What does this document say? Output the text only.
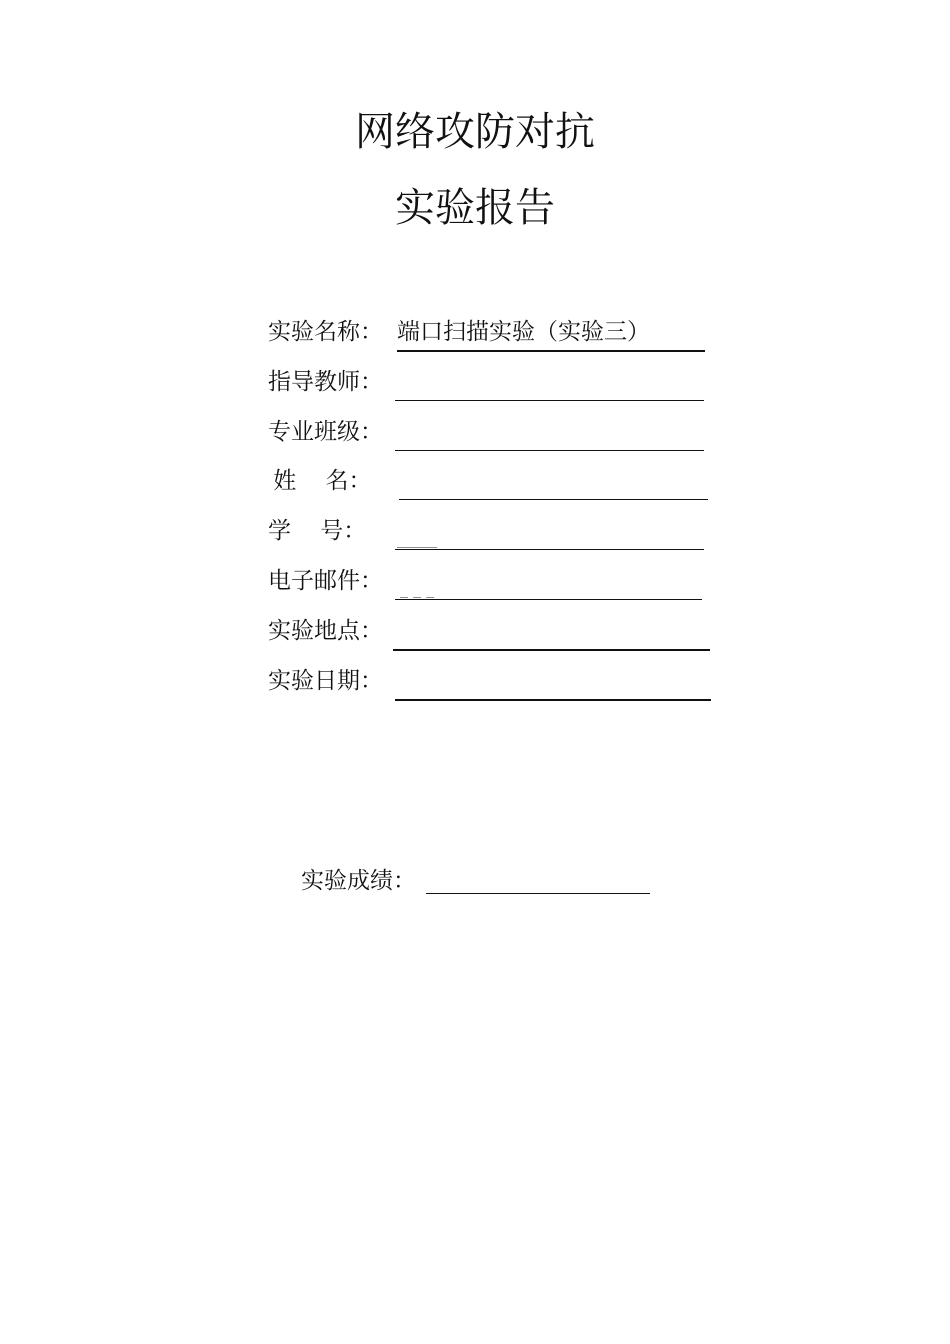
网络攻防对抗
实验报告
实验名称： 端口扫描实验（实验三）
指导教师：
专业班级：
姓    名：
学    号： _____
电子邮件： _ _ _
实验地点：
实验日期：
实验成绩：
